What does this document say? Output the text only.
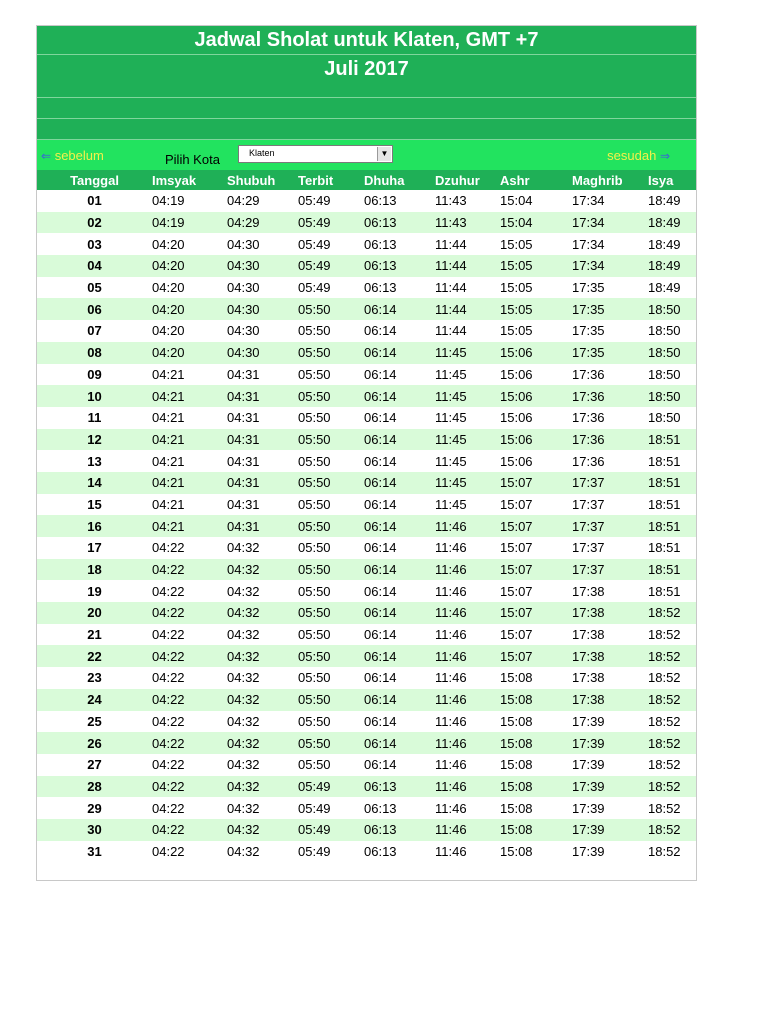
Jadwal Sholat untuk Klaten, GMT +7
Juli 2017
⇐ sebelum	Pilih Kota	Klaten	▼	sesudah ⇒
Tanggal	Imsyak	Shubuh	Terbit	Dhuha	Dzuhur	Ashr	Maghrib	Isya
01	04:19	04:29	05:49	06:13	11:43	15:04	17:34	18:49
02	04:19	04:29	05:49	06:13	11:43	15:04	17:34	18:49
03	04:20	04:30	05:49	06:13	11:44	15:05	17:34	18:49
04	04:20	04:30	05:49	06:13	11:44	15:05	17:34	18:49
05	04:20	04:30	05:49	06:13	11:44	15:05	17:35	18:49
06	04:20	04:30	05:50	06:14	11:44	15:05	17:35	18:50
07	04:20	04:30	05:50	06:14	11:44	15:05	17:35	18:50
08	04:20	04:30	05:50	06:14	11:45	15:06	17:35	18:50
09	04:21	04:31	05:50	06:14	11:45	15:06	17:36	18:50
10	04:21	04:31	05:50	06:14	11:45	15:06	17:36	18:50
11	04:21	04:31	05:50	06:14	11:45	15:06	17:36	18:50
12	04:21	04:31	05:50	06:14	11:45	15:06	17:36	18:51
13	04:21	04:31	05:50	06:14	11:45	15:06	17:36	18:51
14	04:21	04:31	05:50	06:14	11:45	15:07	17:37	18:51
15	04:21	04:31	05:50	06:14	11:45	15:07	17:37	18:51
16	04:21	04:31	05:50	06:14	11:46	15:07	17:37	18:51
17	04:22	04:32	05:50	06:14	11:46	15:07	17:37	18:51
18	04:22	04:32	05:50	06:14	11:46	15:07	17:37	18:51
19	04:22	04:32	05:50	06:14	11:46	15:07	17:38	18:51
20	04:22	04:32	05:50	06:14	11:46	15:07	17:38	18:52
21	04:22	04:32	05:50	06:14	11:46	15:07	17:38	18:52
22	04:22	04:32	05:50	06:14	11:46	15:07	17:38	18:52
23	04:22	04:32	05:50	06:14	11:46	15:08	17:38	18:52
24	04:22	04:32	05:50	06:14	11:46	15:08	17:38	18:52
25	04:22	04:32	05:50	06:14	11:46	15:08	17:39	18:52
26	04:22	04:32	05:50	06:14	11:46	15:08	17:39	18:52
27	04:22	04:32	05:50	06:14	11:46	15:08	17:39	18:52
28	04:22	04:32	05:49	06:13	11:46	15:08	17:39	18:52
29	04:22	04:32	05:49	06:13	11:46	15:08	17:39	18:52
30	04:22	04:32	05:49	06:13	11:46	15:08	17:39	18:52
31	04:22	04:32	05:49	06:13	11:46	15:08	17:39	18:52
